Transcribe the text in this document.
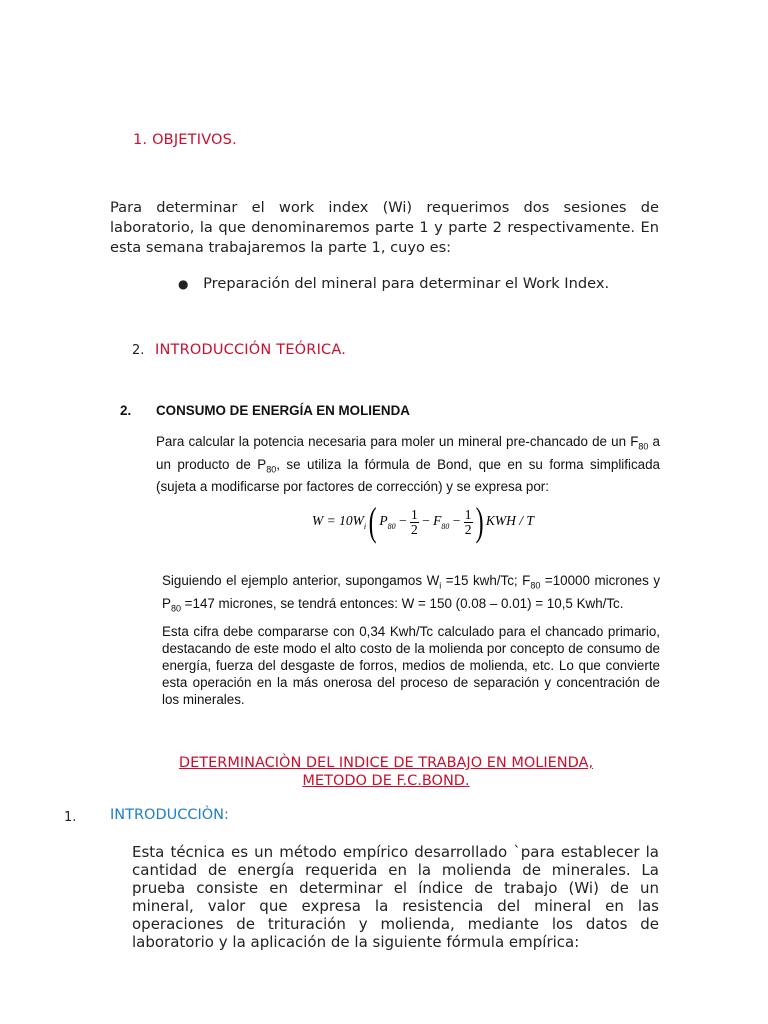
1. OBJETIVOS.
Para determinar el work index (Wi) requerimos dos sesiones de laboratorio, la que denominaremos parte 1 y parte 2 respectivamente. En esta semana trabajaremos la parte 1, cuyo es:
● Preparación del mineral para determinar el Work Index.
2. INTRODUCCIÓN TEÓRICA.
2. CONSUMO DE ENERGÍA EN MOLIENDA

Para calcular la potencia necesaria para moler un mineral pre-chancado de un $F_{80}$ a un producto de $P_{80}$, se utiliza la fórmula de Bond, que en su forma simplificada (sujeta a modificarse por factores de corrección) y se expresa por:

$W = 10W_i$( $P_{80} - \frac{1}{2} - F_{80} - \frac{1}{2}$ ) KWH / T

Siguiendo el ejemplo anterior, supongamos $W_i =15$ kwh/Tc; $F_{80} =10000$ micrones y $P_{80} =147$ micrones, se tendrá entonces: W = 150 (0.08 – 0.01) = 10,5 Kwh/Tc.

Esta cifra debe compararse con 0,34 Kwh/Tc calculado para el chancado primario, destacando de este modo el alto costo de la molienda por concepto de consumo de energía, fuerza del desgaste de forros, medios de molienda, etc. Lo que convierte esta operación en la más onerosa del proceso de separación y concentración de los minerales.

DETERMINACIÒN DEL INDICE DE TRABAJO EN MOLIENDA,
METODO DE F.C.BOND.
1. INTRODUCCIÒN:
Esta técnica es un método empírico desarrollado `para establecer la cantidad de energía requerida en la molienda de minerales. La prueba consiste en determinar el índice de trabajo (Wi) de un mineral, valor que expresa la resistencia del mineral en las operaciones de trituración y molienda, mediante los datos de laboratorio y la aplicación de la siguiente fórmula empírica:
